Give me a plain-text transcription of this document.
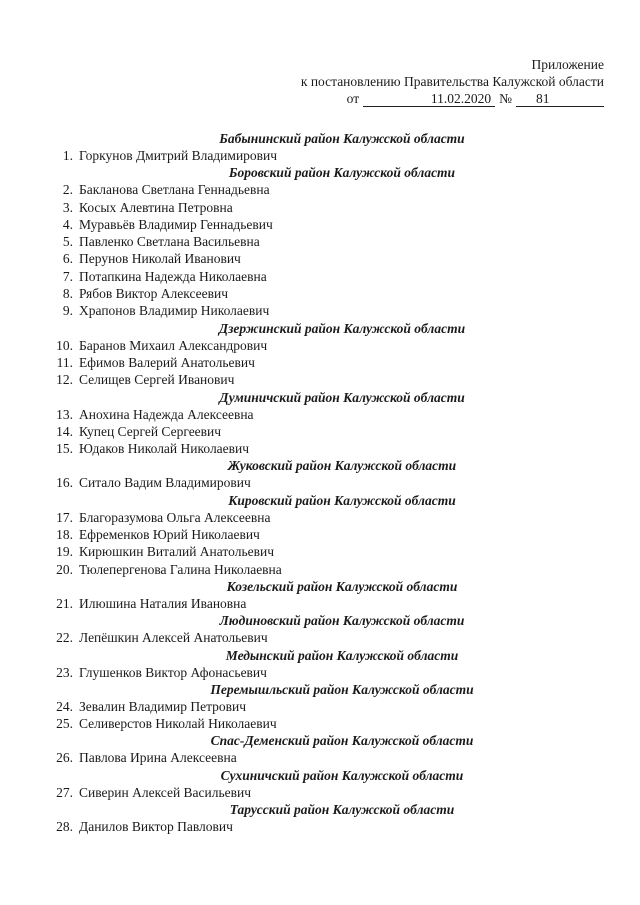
Приложение
к постановлению Правительства Калужской области
от	11.02.2020 №	81
Бабынинский район Калужской области
1. Горкунов Дмитрий Владимирович
Боровский район Калужской области
2. Бакланова Светлана Геннадьевна
3. Косых Алевтина Петровна
4. Муравьёв Владимир Геннадьевич
5. Павленко Светлана Васильевна
6. Перунов Николай Иванович
7. Потапкина Надежда Николаевна
8. Рябов Виктор Алексеевич
9. Храпонов Владимир Николаевич
Дзержинский район Калужской области
10. Баранов Михаил Александрович
11. Ефимов Валерий Анатольевич
12. Селищев Сергей Иванович
Думиничский район Калужской области
13. Анохина Надежда Алексеевна
14. Купец Сергей Сергеевич
15. Юдаков Николай Николаевич
Жуковский район Калужской области
16. Ситало Вадим Владимирович
Кировский район Калужской области
17. Благоразумова Ольга Алексеевна
18. Ефременков Юрий Николаевич
19. Кирюшкин Виталий Анатольевич
20. Тюлепергенова Галина Николаевна
Козельский район Калужской области
21. Илюшина Наталия Ивановна
Людиновский район Калужской области
22. Лепёшкин Алексей Анатольевич
Медынский район Калужской области
23. Глушенков Виктор Афонасьевич
Перемышльский район Калужской области
24. Зевалин Владимир Петрович
25. Селиверстов Николай Николаевич
Спас-Деменский район Калужской области
26. Павлова Ирина Алексеевна
Сухиничский район Калужской области
27. Сиверин Алексей Васильевич
Тарусский район Калужской области
28. Данилов Виктор Павлович
